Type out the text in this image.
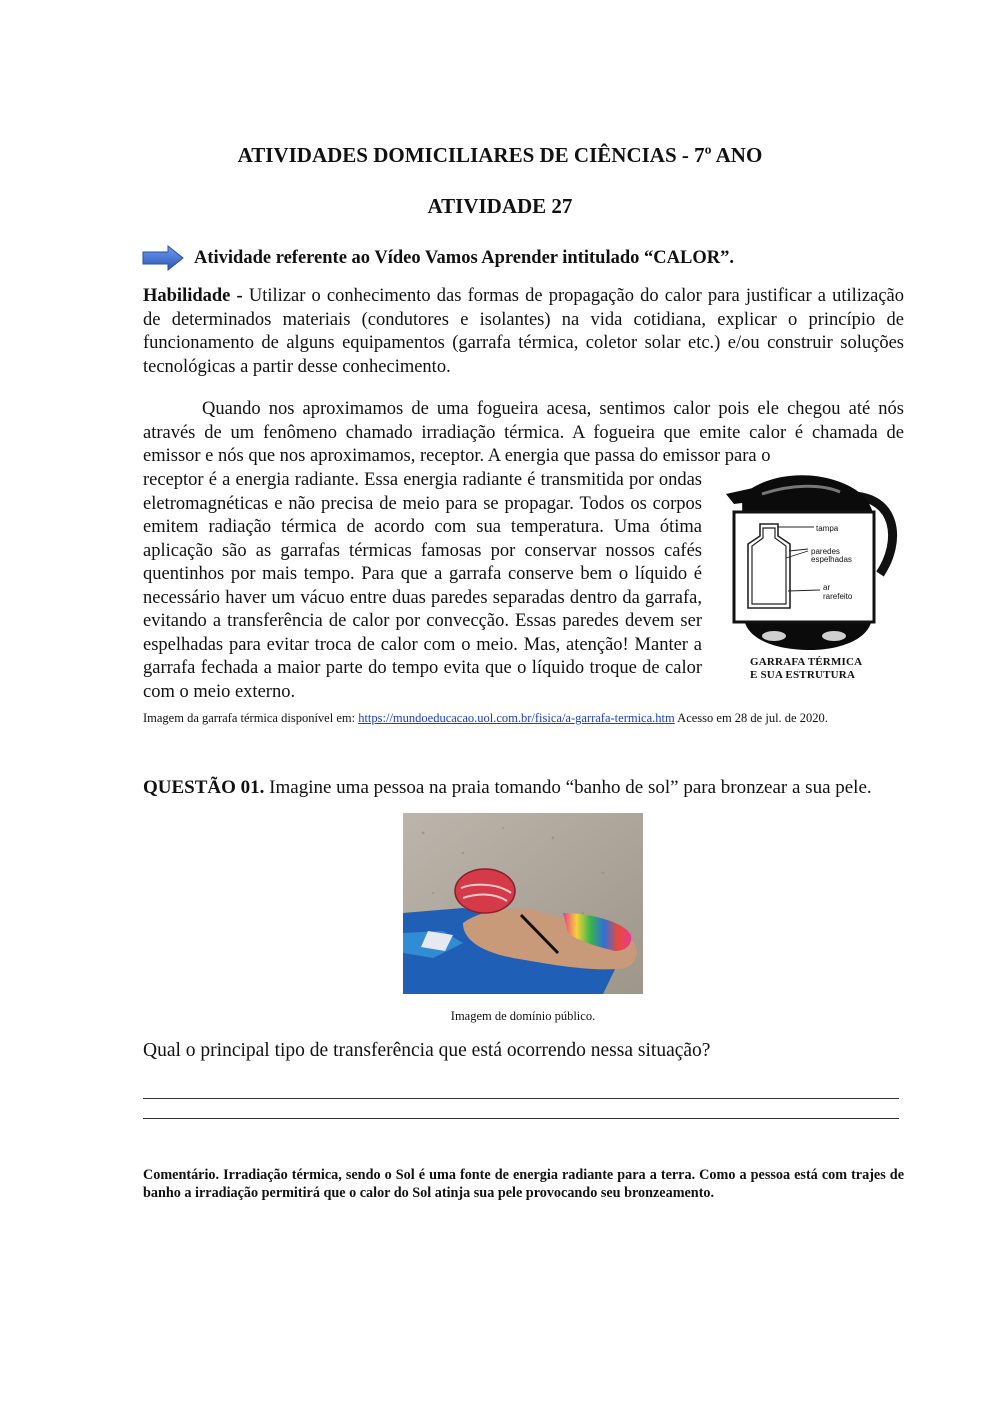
ATIVIDADES DOMICILIARES DE CIÊNCIAS - 7º ANO
ATIVIDADE 27
Atividade referente ao Vídeo Vamos Aprender intitulado “CALOR”.
Habilidade - Utilizar o conhecimento das formas de propagação do calor para justificar a utilização de determinados materiais (condutores e isolantes) na vida cotidiana, explicar o princípio de funcionamento de alguns equipamentos (garrafa térmica, coletor solar etc.) e/ou construir soluções tecnológicas a partir desse conhecimento.
Quando nos aproximamos de uma fogueira acesa, sentimos calor pois ele chegou até nós através de um fenômeno chamado irradiação térmica. A fogueira que emite calor é chamada de emissor e nós que nos aproximamos, receptor. A energia que passa do emissor para o
receptor é a energia radiante. Essa energia radiante é transmitida por ondas eletromagnéticas e não precisa de meio para se propagar. Todos os corpos emitem radiação térmica de acordo com sua temperatura. Uma ótima aplicação são as garrafas térmicas famosas por conservar nossos cafés quentinhos por mais tempo. Para que a garrafa conserve bem o líquido é necessário haver um vácuo entre duas paredes separadas dentro da garrafa, evitando a transferência de calor por convecção. Essas paredes devem ser espelhadas para evitar troca de calor com o meio. Mas, atenção! Manter a garrafa fechada a maior parte do tempo evita que o líquido troque de calor com o meio externo.
tampa
paredes
espelhadas
ar
rarefeito
GARRAFA TÉRMICA
E SUA ESTRUTURA
Imagem da garrafa térmica disponível em: https://mundoeducacao.uol.com.br/fisica/a-garrafa-termica.htm Acesso em 28 de jul. de 2020.
QUESTÃO 01. Imagine uma pessoa na praia tomando “banho de sol” para bronzear a sua pele.
Imagem de domínio público.
Qual o principal tipo de transferência que está ocorrendo nessa situação?
Comentário. Irradiação térmica, sendo o Sol é uma fonte de energia radiante para a terra. Como a pessoa está com trajes de banho a irradiação permitirá que o calor do Sol atinja sua pele provocando seu bronzeamento.
